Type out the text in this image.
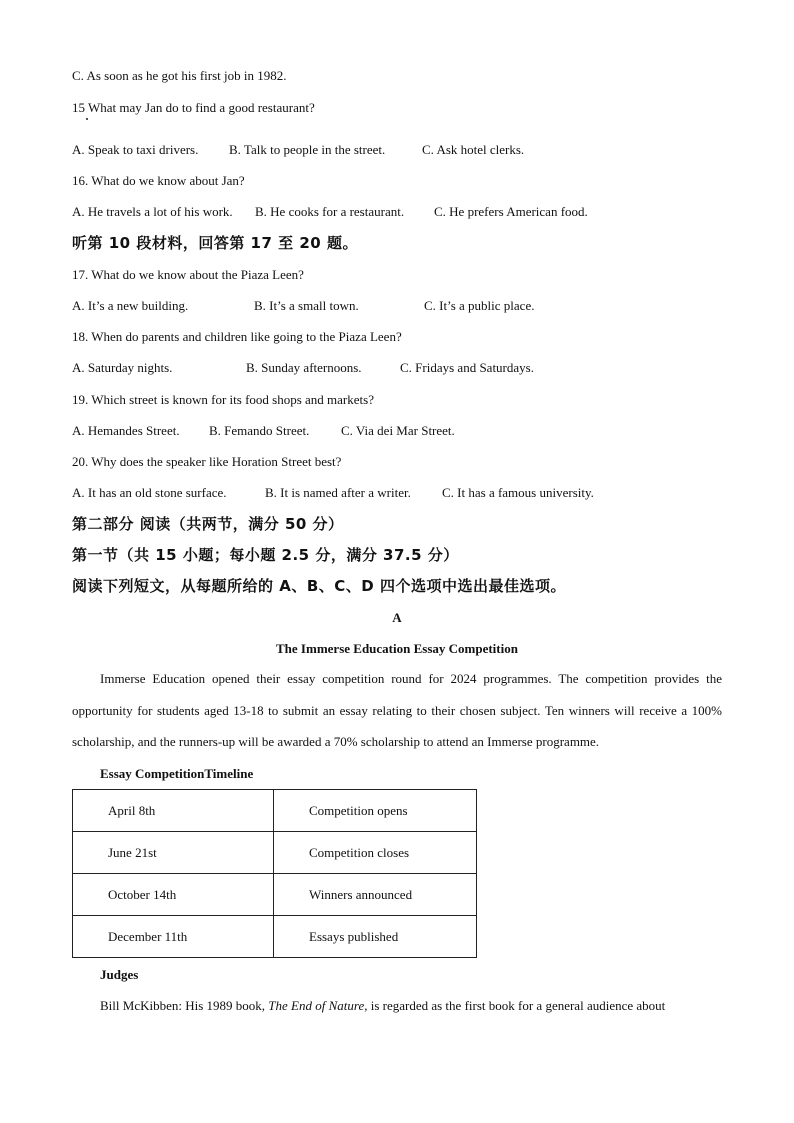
C. As soon as he got his first job in 1982.
15 What may Jan do to find a good restaurant?
A. Speak to taxi drivers. B. Talk to people in the street.	C. Ask hotel clerks.
16. What do we know about Jan?
A. He travels a lot of his work. B. He cooks for a restaurant. C. He prefers American food.
听第 10 段材料，回答第 17 至 20 题。
17. What do we know about the Piaza Leen?
A. It’s a new building.	B. It’s a small town.	C. It’s a public place.
18. When do parents and children like going to the Piaza Leen?
A. Saturday nights.	B. Sunday afternoons.	C. Fridays and Saturdays.
19. Which street is known for its food shops and markets?
A. Hemandes Street. B. Femando Street. C. Via dei Mar Street.
20. Why does the speaker like Horation Street best?
A. It has an old stone surface.	B. It is named after a writer. C. It has a famous university.
第二部分 阅读（共两节，满分 50 分）
第一节（共 15 小题；每小题 2.5 分，满分 37.5 分）
阅读下列短文，从每题所给的 A、B、C、D 四个选项中选出最佳选项。
A
The Immerse Education Essay Competition
Immerse Education opened their essay competition round for 2024 programmes. The competition provides the opportunity for students aged 13-18 to submit an essay relating to their chosen subject. Ten winners will receive a 100% scholarship, and the runners-up will be awarded a 70% scholarship to attend an Immerse programme.
Essay CompetitionTimeline
April 8th	Competition opens
June 21st	Competition closes
October 14th	Winners announced
December 11th	Essays published
Judges
Bill McKibben: His 1989 book, The End of Nature, is regarded as the first book for a general audience about
